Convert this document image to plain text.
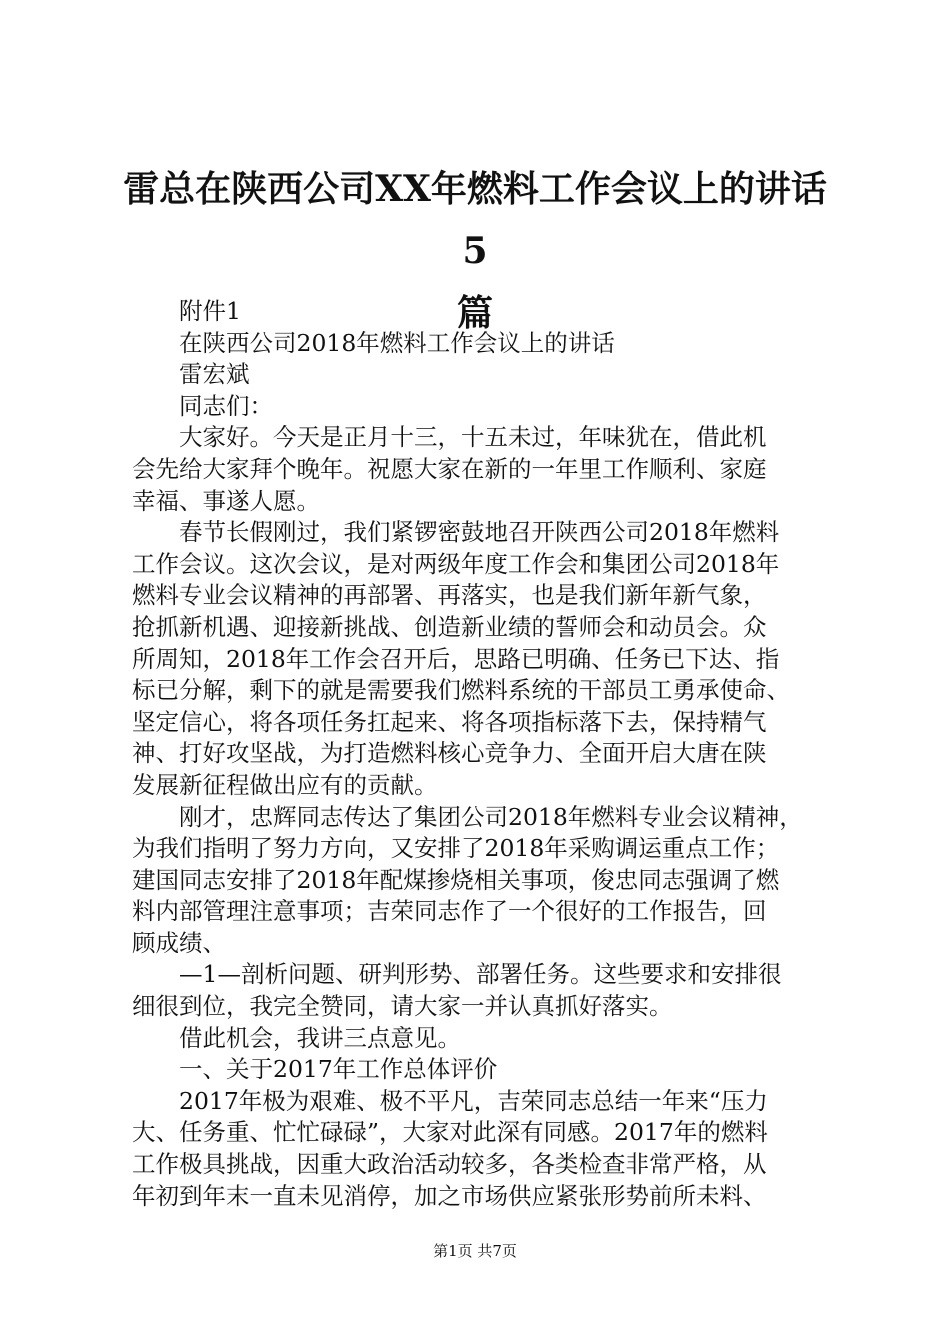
雷总在陕西公司XX年燃料工作会议上的讲话5
篇
附件1
在陕西公司2018年燃料工作会议上的讲话
雷宏斌
同志们：
大家好。今天是正月十三，十五未过，年味犹在，借此机
会先给大家拜个晚年。祝愿大家在新的一年里工作顺利、家庭
幸福、事遂人愿。
春节长假刚过，我们紧锣密鼓地召开陕西公司2018年燃料
工作会议。这次会议，是对两级年度工作会和集团公司2018年
燃料专业会议精神的再部署、再落实，也是我们新年新气象，
抢抓新机遇、迎接新挑战、创造新业绩的誓师会和动员会。众
所周知，2018年工作会召开后，思路已明确、任务已下达、指
标已分解，剩下的就是需要我们燃料系统的干部员工勇承使命、
坚定信心，将各项任务扛起来、将各项指标落下去，保持精气
神、打好攻坚战，为打造燃料核心竞争力、全面开启大唐在陕
发展新征程做出应有的贡献。
刚才，忠辉同志传达了集团公司2018年燃料专业会议精神，
为我们指明了努力方向，又安排了2018年采购调运重点工作；
建国同志安排了2018年配煤掺烧相关事项，俊忠同志强调了燃
料内部管理注意事项；吉荣同志作了一个很好的工作报告，回
顾成绩、
—1—剖析问题、研判形势、部署任务。这些要求和安排很
细很到位，我完全赞同，请大家一并认真抓好落实。
借此机会，我讲三点意见。
一、关于2017年工作总体评价
2017年极为艰难、极不平凡，吉荣同志总结一年来“压力
大、任务重、忙忙碌碌”，大家对此深有同感。2017年的燃料
工作极具挑战，因重大政治活动较多，各类检查非常严格，从
年初到年末一直未见消停，加之市场供应紧张形势前所未料、
第1页 共7页
